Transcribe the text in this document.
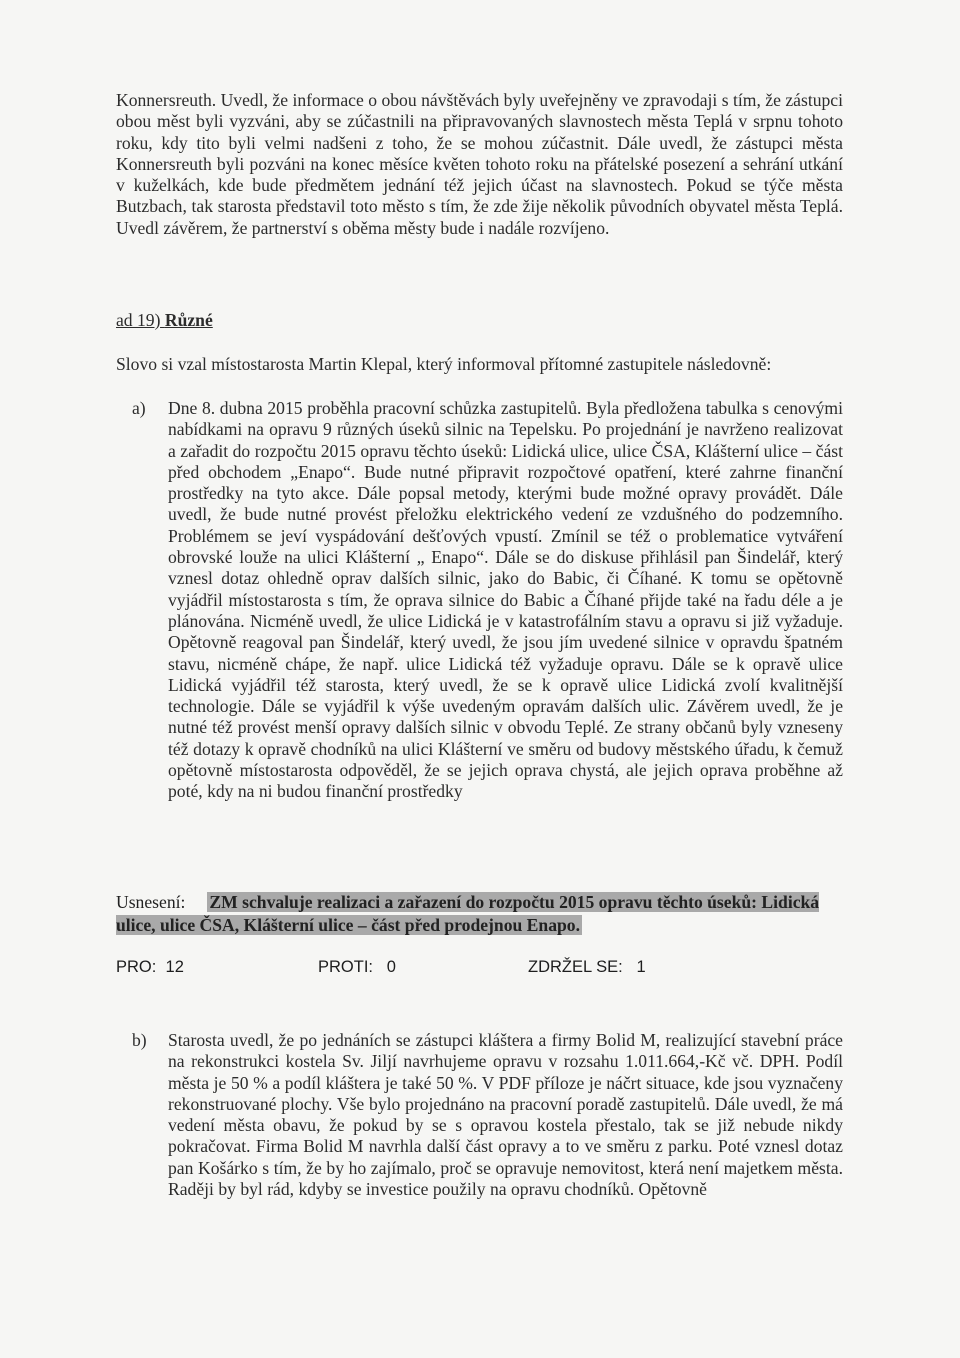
Konnersreuth. Uvedl, že informace o obou návštěvách byly uveřejněny ve zpravodaji s tím, že zástupci obou měst byli vyzváni, aby se zúčastnili na připravovaných slavnostech města Teplá v srpnu tohoto roku, kdy tito byli velmi nadšeni z toho, že se mohou zúčastnit. Dále uvedl, že zástupci města Konnersreuth byli pozváni na konec měsíce květen tohoto roku na přátelské posezení a sehrání utkání v kuželkách, kde bude předmětem jednání též jejich účast na slavnostech. Pokud se týče města Butzbach, tak starosta představil toto město s tím, že zde žije několik původních obyvatel města Teplá. Uvedl závěrem, že partnerství s oběma městy bude i nadále rozvíjeno.

ad 19) Různé

Slovo si vzal místostarosta Martin Klepal, který informoval přítomné zastupitele následovně:

a) Dne 8. dubna 2015 proběhla pracovní schůzka zastupitelů. Byla předložena tabulka s cenovými nabídkami na opravu 9 různých úseků silnic na Tepelsku. Po projednání je navrženo realizovat a zařadit do rozpočtu 2015 opravu těchto úseků: Lidická ulice, ulice ČSA, Klášterní ulice – část před obchodem „Enapo“. Bude nutné připravit rozpočtové opatření, které zahrne finanční prostředky na tyto akce. Dále popsal metody, kterými bude možné opravy provádět. Dále uvedl, že bude nutné provést přeložku elektrického vedení ze vzdušného do podzemního. Problémem se jeví vyspádování dešťových vpustí. Zmínil se též o problematice vytváření obrovské louže na ulici Klášterní „ Enapo“. Dále se do diskuse přihlásil pan Šindelář, který vznesl dotaz ohledně oprav dalších silnic, jako do Babic, či Číhané. K tomu se opětovně vyjádřil místostarosta s tím, že oprava silnice do Babic a Číhané přijde také na řadu déle a je plánována. Nicméně uvedl, že ulice Lidická je v katastrofálním stavu a opravu si již vyžaduje. Opětovně reagoval pan Šindelář, který uvedl, že jsou jím uvedené silnice v opravdu špatném stavu, nicméně chápe, že např. ulice Lidická též vyžaduje opravu. Dále se k opravě ulice Lidická vyjádřil též starosta, který uvedl, že se k opravě ulice Lidická zvolí kvalitnější technologie. Dále se vyjádřil k výše uvedeným opravám dalších ulic. Závěrem uvedl, že je nutné též provést menší opravy dalších silnic v obvodu Teplé. Ze strany občanů byly vzneseny též dotazy k opravě chodníků na ulici Klášterní ve směru od budovy městského úřadu, k čemuž opětovně místostarosta odpověděl, že se jejich oprava chystá, ale jejich oprava proběhne až poté, kdy na ni budou finanční prostředky

Usnesení: ZM schvaluje realizaci a zařazení do rozpočtu 2015 opravu těchto úseků: Lidická ulice, ulice ČSA, Klášterní ulice – část před prodejnou Enapo.
PRO: 12	PROTI: 0	ZDRŽEL SE: 1
b) Starosta uvedl, že po jednáních se zástupci kláštera a firmy Bolid M, realizující stavební práce na rekonstrukci kostela Sv. Jiljí navrhujeme opravu v rozsahu 1.011.664,-Kč vč. DPH. Podíl města je 50 % a podíl kláštera je také 50 %. V PDF příloze je náčrt situace, kde jsou vyznačeny rekonstruované plochy. Vše bylo projednáno na pracovní poradě zastupitelů. Dále uvedl, že má vedení města obavu, že pokud by se s opravou kostela přestalo, tak se již nebude nikdy pokračovat. Firma Bolid M navrhla další část opravy a to ve směru z parku. Poté vznesl dotaz pan Košárko s tím, že by ho zajímalo, proč se opravuje nemovitost, která není majetkem města. Raději by byl rád, kdyby se investice použily na opravu chodníků. Opětovně
